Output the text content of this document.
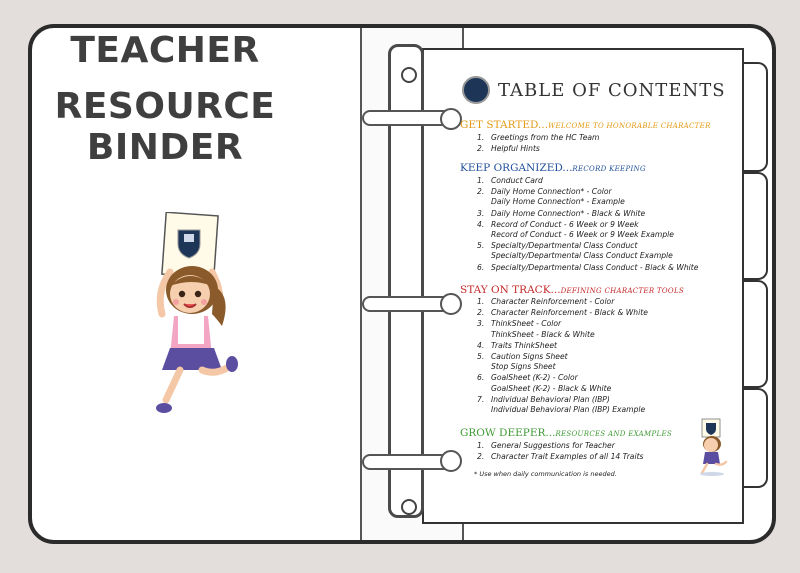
TEACHER
RESOURCE BINDER
TABLE OF CONTENTS
GET STARTED...WELCOME TO HONORABLE CHARACTER
1. Greetings from the HC Team
2. Helpful Hints
KEEP ORGANIZED...RECORD KEEPING
1. Conduct Card
2. Daily Home Connection* - Color
Daily Home Connection* - Example
3. Daily Home Connection* - Black & White
4. Record of Conduct - 6 Week or 9 Week
Record of Conduct - 6 Week or 9 Week Example
5. Specialty/Departmental Class Conduct
Specialty/Departmental Class Conduct Example
6. Specialty/Departmental Class Conduct - Black & White
STAY ON TRACK...DEFINING CHARACTER TOOLS
1. Character Reinforcement - Color
2. Character Reinforcement - Black & White
3. ThinkSheet - Color
ThinkSheet - Black & White
4. Traits ThinkSheet
5. Caution Signs Sheet
Stop Signs Sheet
6. GoalSheet (K-2) - Color
GoalSheet (K-2) - Black & White
7. Individual Behavioral Plan (IBP)
Individual Behavioral Plan (IBP) Example
GROW DEEPER...RESOURCES AND EXAMPLES
1. General Suggestions for Teacher
2. Character Trait Examples of all 14 Traits
* Use when daily communication is needed.
